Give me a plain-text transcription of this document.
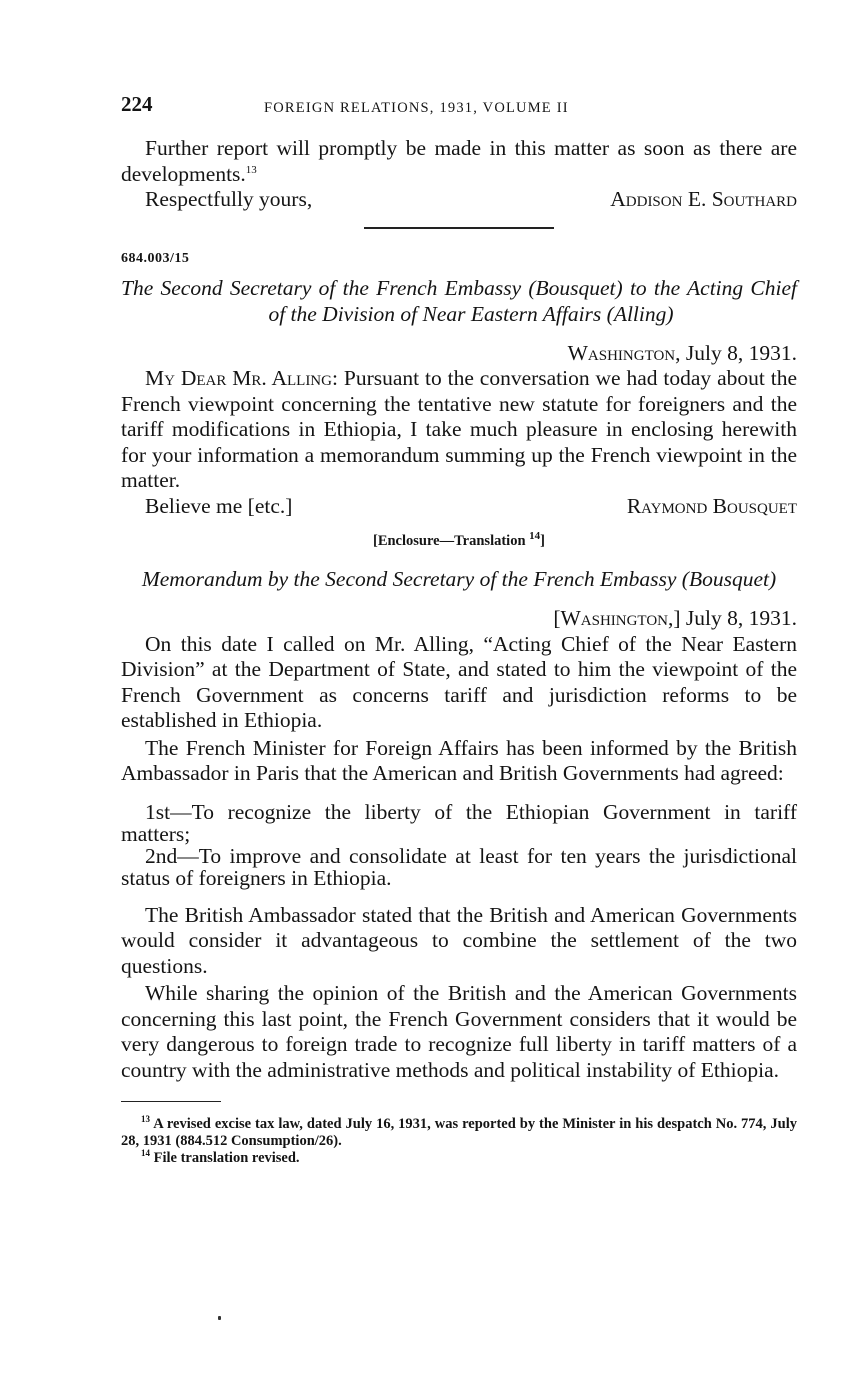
224	FOREIGN RELATIONS, 1931, VOLUME II

Further report will promptly be made in this matter as soon as there are developments.$^{13}$

Respectfully yours,	Addison E. Southard
684.003/15
The Second Secretary of the French Embassy (Bousquet) to the Acting Chief of the Division of Near Eastern Affairs (Alling)
Washington, July 8, 1931.

My Dear Mr. Alling: Pursuant to the conversation we had today about the French viewpoint concerning the tentative new statute for foreigners and the tariff modifications in Ethiopia, I take much pleasure in enclosing herewith for your information a memorandum summing up the French viewpoint in the matter.

Believe me [etc.]	Raymond Bousquet
[Enclosure—Translation $^{14}$]
Memorandum by the Second Secretary of the French Embassy (Bousquet)
[Washington,] July 8, 1931.

On this date I called on Mr. Alling, “Acting Chief of the Near Eastern Division” at the Department of State, and stated to him the viewpoint of the French Government as concerns tariff and jurisdiction reforms to be established in Ethiopia.

The French Minister for Foreign Affairs has been informed by the British Ambassador in Paris that the American and British Governments had agreed:

1st—To recognize the liberty of the Ethiopian Government in tariff matters;

2nd—To improve and consolidate at least for ten years the jurisdictional status of foreigners in Ethiopia.

The British Ambassador stated that the British and American Governments would consider it advantageous to combine the settlement of the two questions.

While sharing the opinion of the British and the American Governments concerning this last point, the French Government considers that it would be very dangerous to foreign trade to recognize full liberty in tariff matters of a country with the administrative methods and political instability of Ethiopia.

$^{13}$ A revised excise tax law, dated July 16, 1931, was reported by the Minister in his despatch No. 774, July 28, 1931 (884.512 Consumption/26).

$^{14}$ File translation revised.
